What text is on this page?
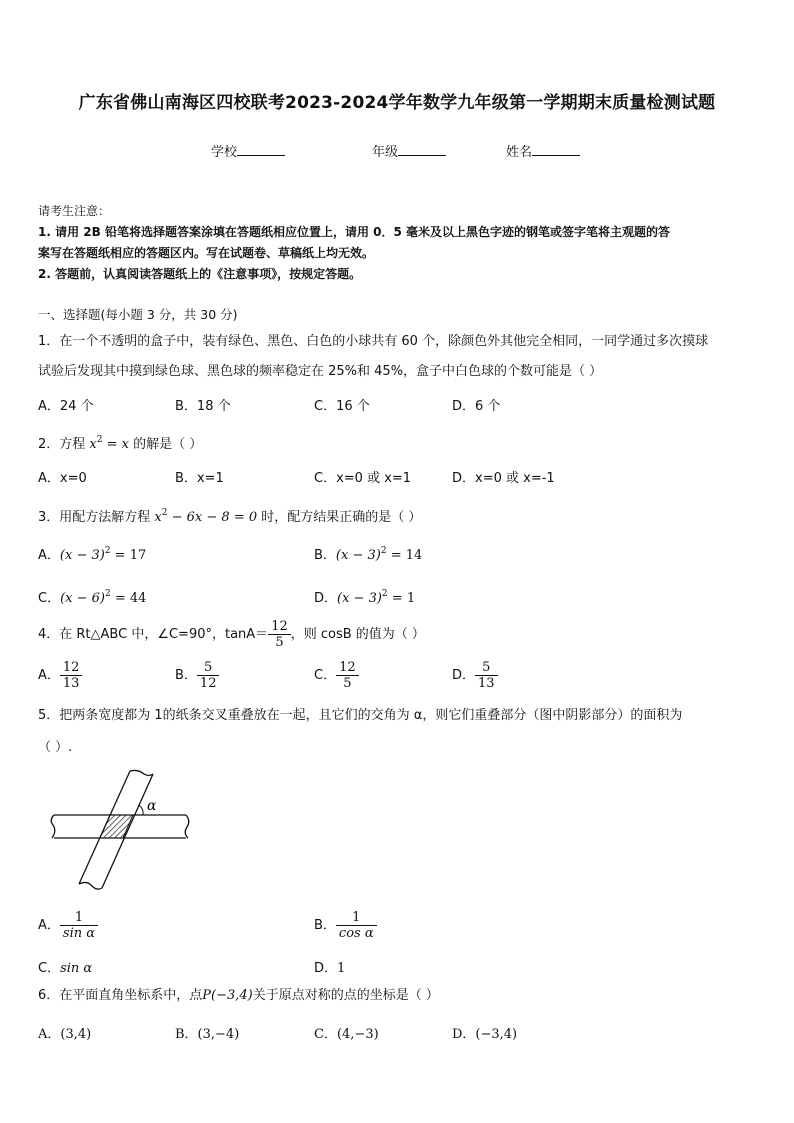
广东省佛山南海区四校联考2023-2024学年数学九年级第一学期期末质量检测试题
学校	年级	姓名
请考生注意：
1. 请用 2B 铅笔将选择题答案涂填在答题纸相应位置上，请用 0．5 毫米及以上黑色字迹的钢笔或签字笔将主观题的答
案写在答题纸相应的答题区内。写在试题卷、草稿纸上均无效。
2. 答题前，认真阅读答题纸上的《注意事项》，按规定答题。
一、选择题(每小题 3 分，共 30 分)
1．在一个不透明的盒子中，装有绿色、黑色、白色的小球共有 60 个，除颜色外其他完全相同，一同学通过多次摸球
试验后发现其中摸到绿色球、黑色球的频率稳定在 25%和 45%，盒子中白色球的个数可能是（ ）
A．24 个	B．18 个	C．16 个	D．6 个
2．方程 $x^2 = x$ 的解是（ ）
A．x=0	B．x=1	C．x=0 或 x=1	D．x=0 或 x=-1
3．用配方法解方程 $x^2 - 6x - 8 = 0$ 时，配方结果正确的是（ ）
A．$(x - 3)^2 = 17$	B．$(x - 3)^2 = 14$
C．$(x - 6)^2 = 44$	D．$(x - 3)^2 = 1$
4．在 Rt△ABC 中，∠C=90°，$\tan A= \frac{12}{5}$ ，则 cosB 的值为（ ）
A． $\frac{12}{13}$	B． $\frac{5}{12}$	C． $\frac{12}{5}$	D． $\frac{5}{13}$
5．把两条宽度都为 1的纸条交叉重叠放在一起，且它们的交角为 α，则它们重叠部分（图中阴影部分）的面积为
（ ）.
α
A． $\frac{1}{\text{sin α}}$	B． $\frac{1}{\text{cos α}}$
C．sin α	D．1
6．在平面直角坐标系中，点P(−3,4)关于原点对称的点的坐标是（ ）
A．(3,4)	B．(3,−4)	C．(4,−3)	D．(−3,4)
